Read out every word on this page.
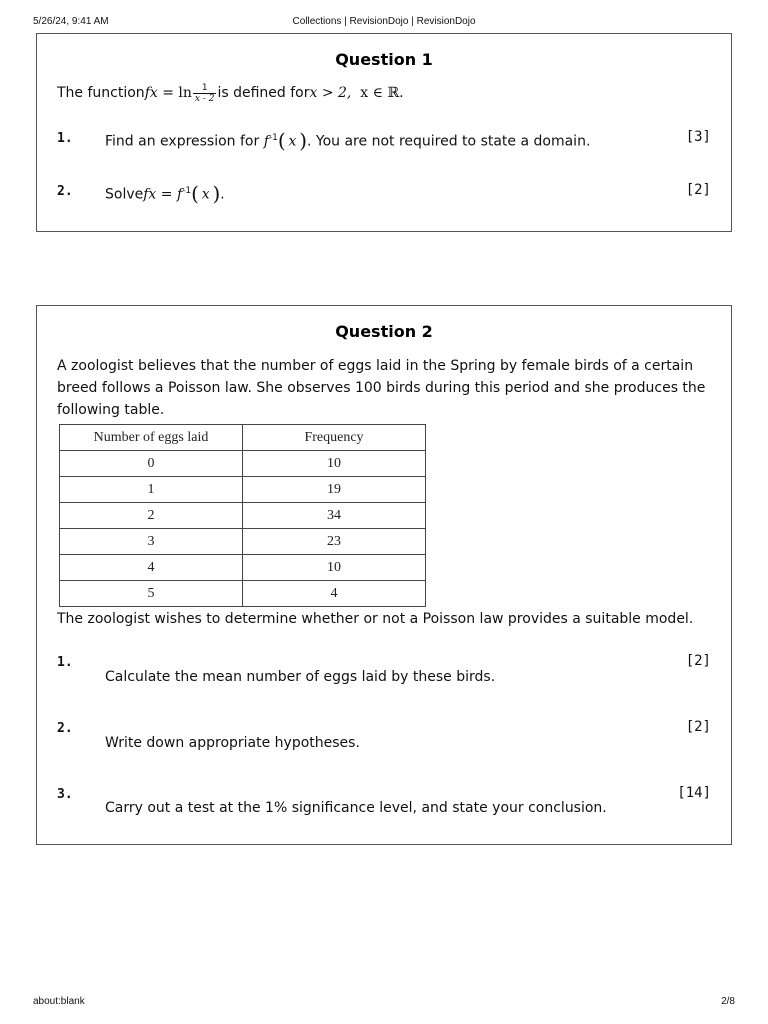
5/26/24, 9:41 AM	Collections | RevisionDojo | RevisionDojo
Question 1
The functionfx = $\ln \frac{1}{x - 2}$ is defined forx > 2, x ∈ ℝ.
1. Find an expression for $f^{-1}$(  x  ). You are not required to state a domain.	[3]
2. Solvefx = $f^{-1}$(  x  ).	[2]
Question 2
A zoologist believes that the number of eggs laid in the Spring by female birds of a certain
breed follows a Poisson law. She observes 100 birds during this period and she produces the
following table.
Number of eggs laid	Frequency
0	10
1	19
2	34
3	23
4	10
5	4
The zoologist wishes to determine whether or not a Poisson law provides a suitable model.
1.	[2]
Calculate the mean number of eggs laid by these birds.
2.	[2]
Write down appropriate hypotheses.
3.	[14]
Carry out a test at the 1% significance level, and state your conclusion.
about:blank	2/8
